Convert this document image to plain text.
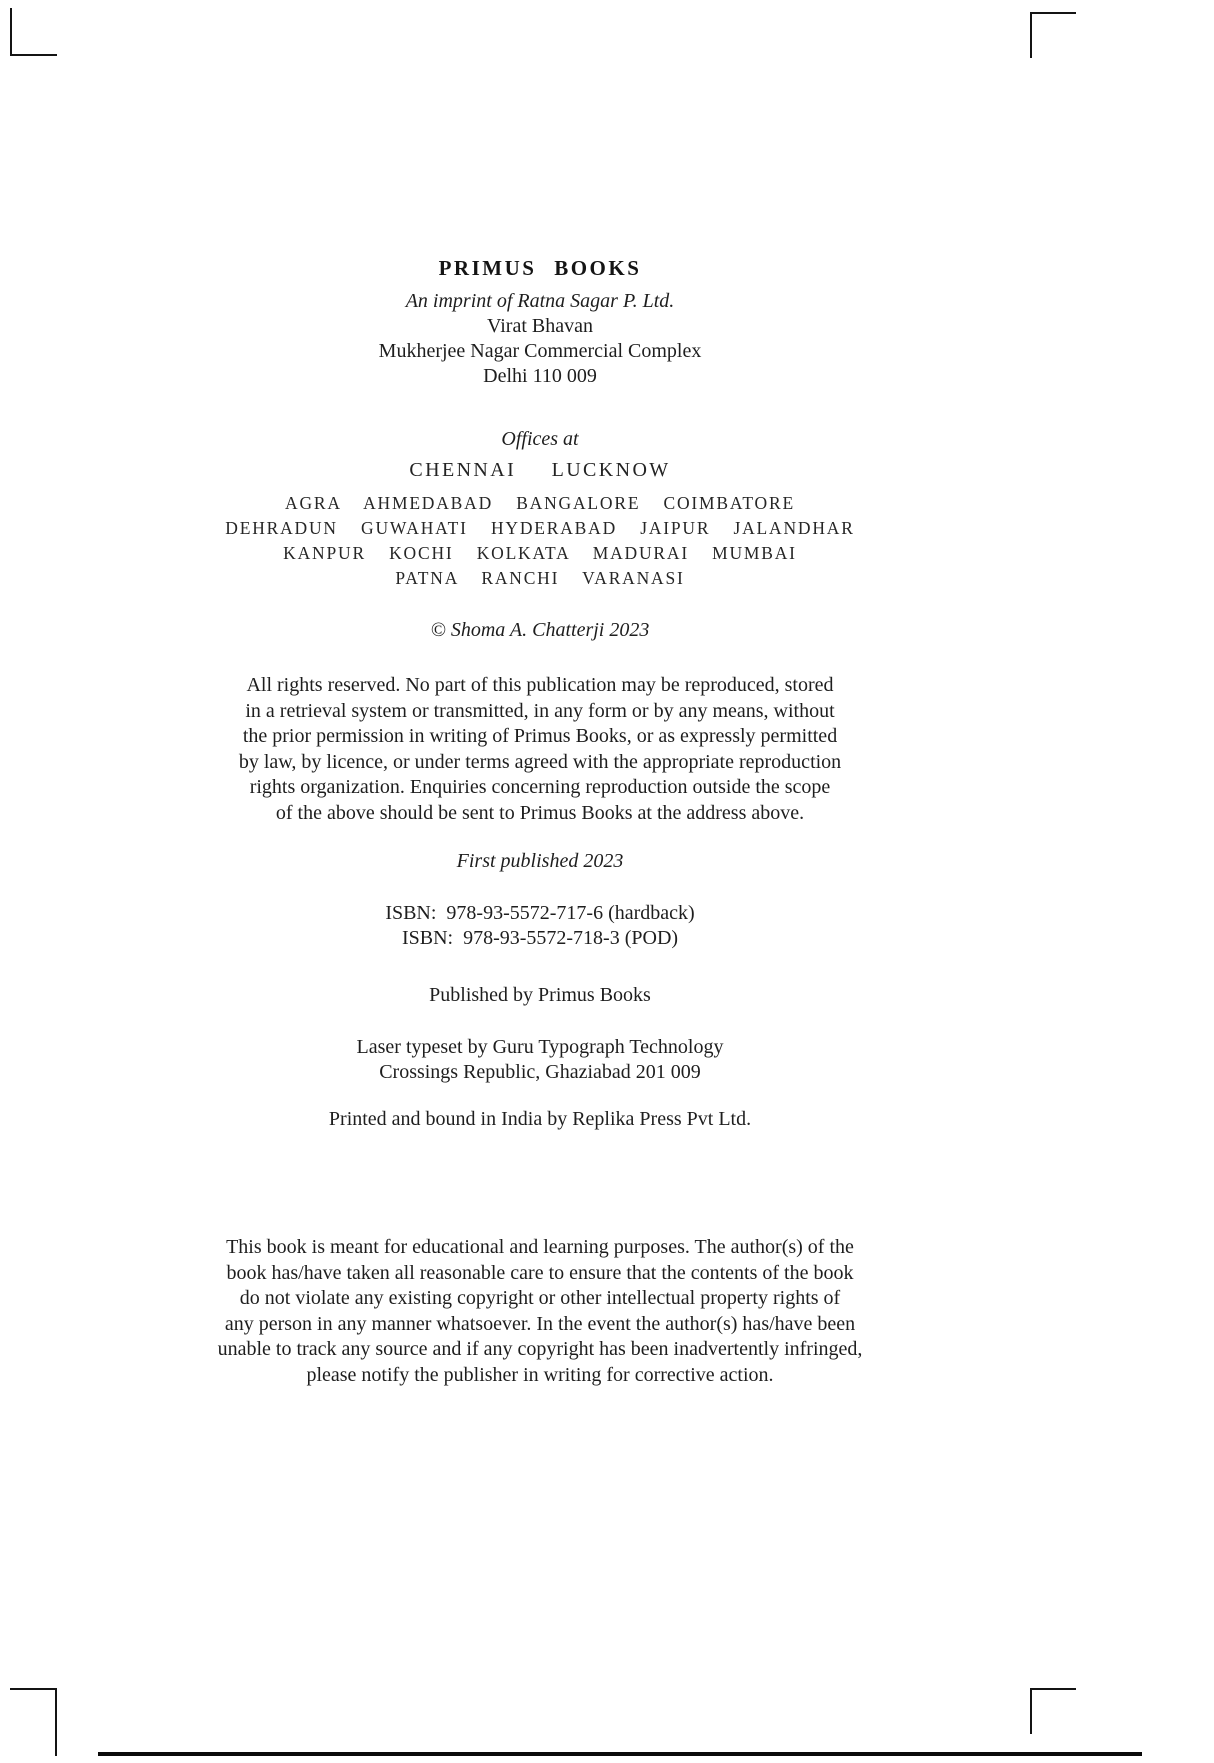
PRIMUS BOOKS
An imprint of Ratna Sagar P. Ltd.
Virat Bhavan
Mukherjee Nagar Commercial Complex
Delhi 110 009
Offices at
CHENNAI LUCKNOW
AGRA AHMEDABAD BANGALORE COIMBATORE
DEHRADUN GUWAHATI HYDERABAD JAIPUR JALANDHAR
KANPUR KOCHI KOLKATA MADURAI MUMBAI
PATNA RANCHI VARANASI
© Shoma A. Chatterji 2023
All rights reserved. No part of this publication may be reproduced, stored
in a retrieval system or transmitted, in any form or by any means, without
the prior permission in writing of Primus Books, or as expressly permitted
by law, by licence, or under terms agreed with the appropriate reproduction
rights organization. Enquiries concerning reproduction outside the scope
of the above should be sent to Primus Books at the address above.
First published 2023
ISBN:  978-93-5572-717-6 (hardback)
ISBN:  978-93-5572-718-3 (POD)
Published by Primus Books
Laser typeset by Guru Typograph Technology
Crossings Republic, Ghaziabad 201 009
Printed and bound in India by Replika Press Pvt Ltd.
This book is meant for educational and learning purposes. The author(s) of the
book has/have taken all reasonable care to ensure that the contents of the book
do not violate any existing copyright or other intellectual property rights of
any person in any manner whatsoever. In the event the author(s) has/have been
unable to track any source and if any copyright has been inadvertently infringed,
please notify the publisher in writing for corrective action.
